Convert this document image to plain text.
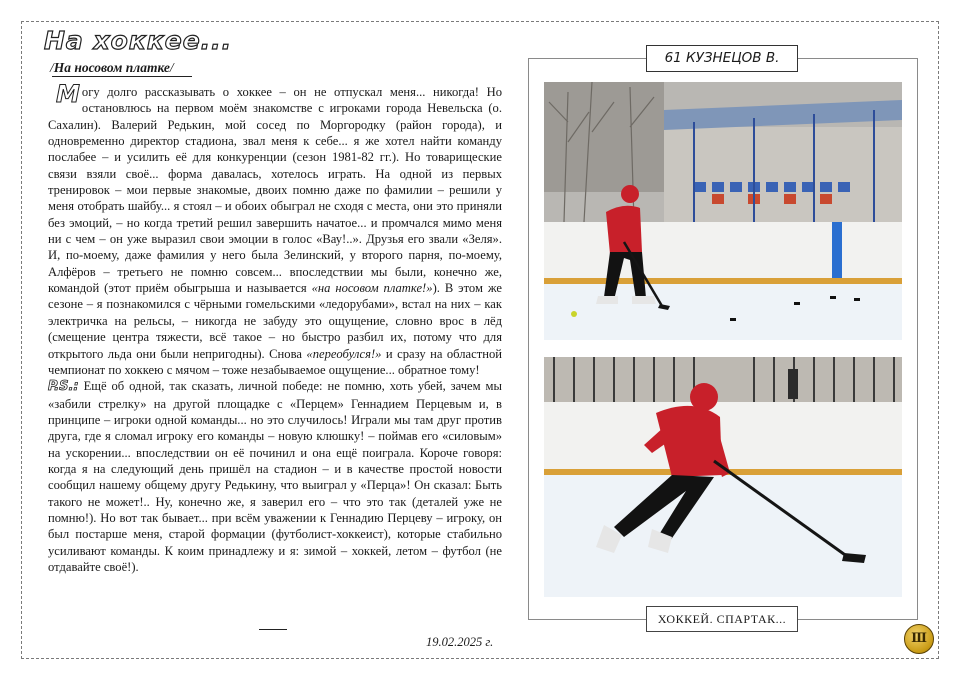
На хоккее...
/На носовом платке/

Могу долго рассказывать о хоккее – он не отпускал меня... никогда! Но остановлюсь на первом моём знакомстве с игроками города Невельска (о. Сахалин). Валерий Редькин, мой сосед по Моргородку (район города), и одновременно директор стадиона, звал меня к себе... я же хотел найти команду послабее – и усилить её для конкуренции (сезон 1981-82 гг.). Но товарищеские связи взяли своё... форма давалась, хотелось играть. На одной из первых тренировок – мои первые знакомые, двоих помню даже по фамилии – решили у меня отобрать шайбу... я стоял – и обоих обыграл не сходя с места, они это приняли без эмоций, – но когда третий решил завершить начатое... и промчался мимо меня ни с чем – он уже выразил свои эмоции в голос «Вау!..». Друзья его звали «Зеля». И, по-моему, даже фамилия у него была Зелинский, у второго парня, по-моему, Алфёров – третьего не помню совсем... впоследствии мы были, конечно же, командой (этот приём обыгрыша и называется «на носовом платке!»). В этом же сезоне – я познакомился с чёрными гомельскими «ледорубами», встал на них – как электричка на рельсы, – никогда не забуду это ощущение, словно врос в лёд (смещение центра тяжести, всё такое – но быстро разбил их, потому что для открытого льда они были непригодны). Снова «переобулся!» и сразу на областной чемпионат по хоккею с мячом – тоже незабываемое ощущение... обратное тому!

P.S.: Ещё об одной, так сказать, личной победе: не помню, хоть убей, зачем мы «забили стрелку» на другой площадке с «Перцем» Геннадием Перцевым и, в принципе – игроки одной команды... но это случилось! Играли мы там друг против друга, где я сломал игроку его команды – новую клюшку! – поймав его «силовым» на ускорении... впоследствии он её починил и она ещё поиграла. Короче говоря: когда я на следующий день пришёл на стадион – и в качестве простой новости сообщил нашему общему другу Редькину, что выиграл у «Перца»! Он сказал: Быть такого не может!.. Ну, конечно же, я заверил его – что это так (деталей уже не помню!). Но вот так бывает... при всём уважении к Геннадию Перцеву – игроку, он был постарше меня, старой формации (футболист-хоккеист), которые стабильно усиливают команды. К коим принадлежу и я: зимой – хоккей, летом – футбол (не отдавайте своё!).

19.02.2025 г.
61 КУЗНЕЦОВ В.
ХОККЕЙ. СПАРТАК...
Ⅲ
